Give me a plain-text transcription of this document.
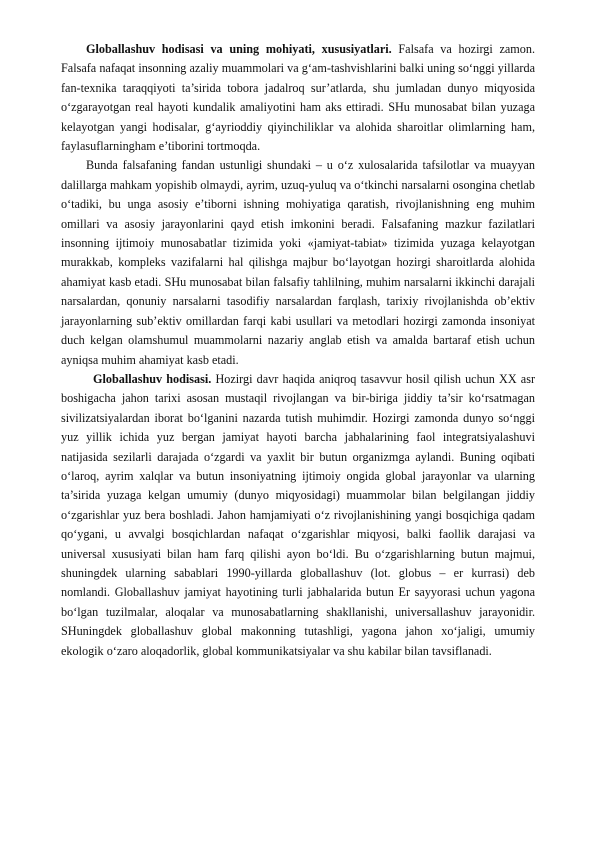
Globallashuv hodisasi va uning mohiyati, xususiyatlari. Falsafa va hozirgi zamon. Falsafa nafaqat insonning azaliy muammolari va g‘am-tashvishlarini balki uning so‘nggi yillarda fan-texnika taraqqiyoti ta’sirida tobora jadalroq sur’atlarda, shu jumladan dunyo miqyosida o‘zgarayotgan real hayoti kundalik amaliyotini ham aks ettiradi. SHu munosabat bilan yuzaga kelayotgan yangi hodisalar, g‘ayrioddiy qiyinchiliklar va alohida sharoitlar olimlarning ham, faylasuflarningham e’tiborini tortmoqda.

Bunda falsafaning fandan ustunligi shundaki – u o‘z xulosalarida tafsilotlar va muayyan dalillarga mahkam yopishib olmaydi, ayrim, uzuq-yuluq va o‘tkinchi narsalarni osongina chetlab o‘tadiki, bu unga asosiy e’tiborni ishning mohiyatiga qaratish, rivojlanishning eng muhim omillari va asosiy jarayonlarini qayd etish imkonini beradi. Falsafaning mazkur fazilatlari insonning ijtimoiy munosabatlar tizimida yoki «jamiyat-tabiat» tizimida yuzaga kelayotgan murakkab, kompleks vazifalarni hal qilishga majbur bo‘layotgan hozirgi sharoitlarda alohida ahamiyat kasb etadi. SHu munosabat bilan falsafiy tahlilning, muhim narsalarni ikkinchi darajali narsalardan, qonuniy narsalarni tasodifiy narsalardan farqlash, tarixiy rivojlanishda ob’ektiv jarayonlarning sub’ektiv omillardan farqi kabi usullari va metodlari hozirgi zamonda insoniyat duch kelgan olamshumul muammolarni nazariy anglab etish va amalda bartaraf etish uchun ayniqsa muhim ahamiyat kasb etadi.

Globallashuv hodisasi. Hozirgi davr haqida aniqroq tasavvur hosil qilish uchun XX asr boshigacha jahon tarixi asosan mustaqil rivojlangan va bir-biriga jiddiy ta’sir ko‘rsatmagan sivilizatsiyalardan iborat bo‘lganini nazarda tutish muhimdir. Hozirgi zamonda dunyo so‘nggi yuz yillik ichida yuz bergan jamiyat hayoti barcha jabhalarining faol integratsiyalashuvi natijasida sezilarli darajada o‘zgardi va yaxlit bir butun organizmga aylandi. Buning oqibati o‘laroq, ayrim xalqlar va butun insoniyatning ijtimoiy ongida global jarayonlar va ularning ta’sirida yuzaga kelgan umumiy (dunyo miqyosidagi) muammolar bilan belgilangan jiddiy o‘zgarishlar yuz bera boshladi. Jahon hamjamiyati o‘z rivojlanishining yangi bosqichiga qadam qo‘ygani, u avvalgi bosqichlardan nafaqat o‘zgarishlar miqyosi, balki faollik darajasi va universal xususiyati bilan ham farq qilishi ayon bo‘ldi. Bu o‘zgarishlarning butun majmui, shuningdek ularning sabablari 1990-yillarda globallashuv (lot. globus – er kurrasi) deb nomlandi. Globallashuv jamiyat hayotining turli jabhalarida butun Er sayyorasi uchun yagona bo‘lgan tuzilmalar, aloqalar va munosabatlarning shakllanishi, universallashuv jarayonidir. SHuningdek globallashuv global makonning tutashligi, yagona jahon xo‘jaligi, umumiy ekologik o‘zaro aloqadorlik, global kommunikatsiyalar va shu kabilar bilan tavsiflanadi.
